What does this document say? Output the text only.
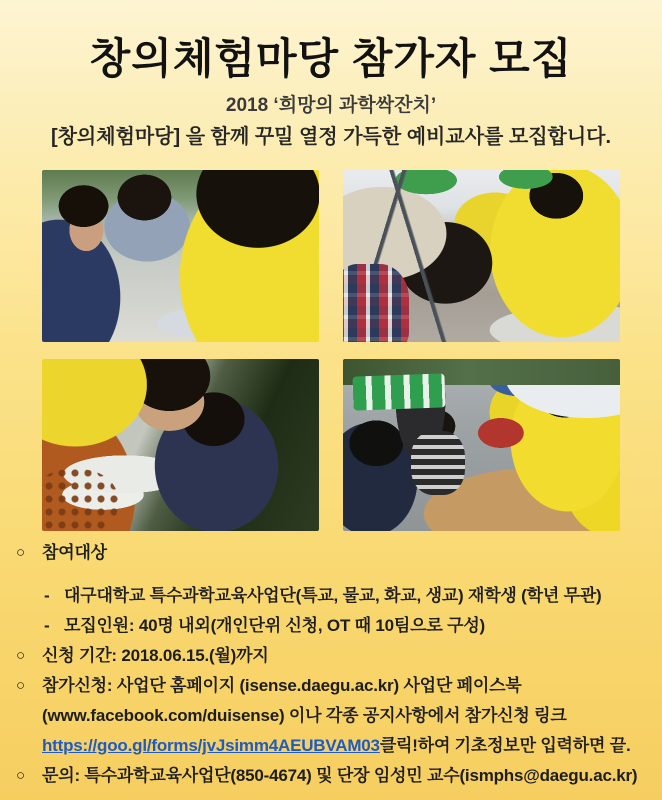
창의체험마당 참가자 모집
2018 ‘희망의 과학싹잔치’
[창의체험마당] 을 함께 꾸밀 열정 가득한 예비교사를 모집합니다.
○	참여대상
- 대구대학교 특수과학교육사업단(특교, 물교, 화교, 생교) 재학생 (학년 무관)
- 모집인원: 40명 내외(개인단위 신청, OT 때 10팀으로 구성)
○	신청 기간: 2018.06.15.(월)까지
○	참가신청: 사업단 홈페이지 (isense.daegu.ac.kr) 사업단 페이스북
(www.facebook.com/duisense) 이나 각종 공지사항에서 참가신청 링크
https://goo.gl/forms/jvJsimm4AEUBVAM03 클릭!하여 기초정보만 입력하면 끝.
○	문의: 특수과학교육사업단(850-4674) 및 단장 임성민 교수(ismphs@daegu.ac.kr)
